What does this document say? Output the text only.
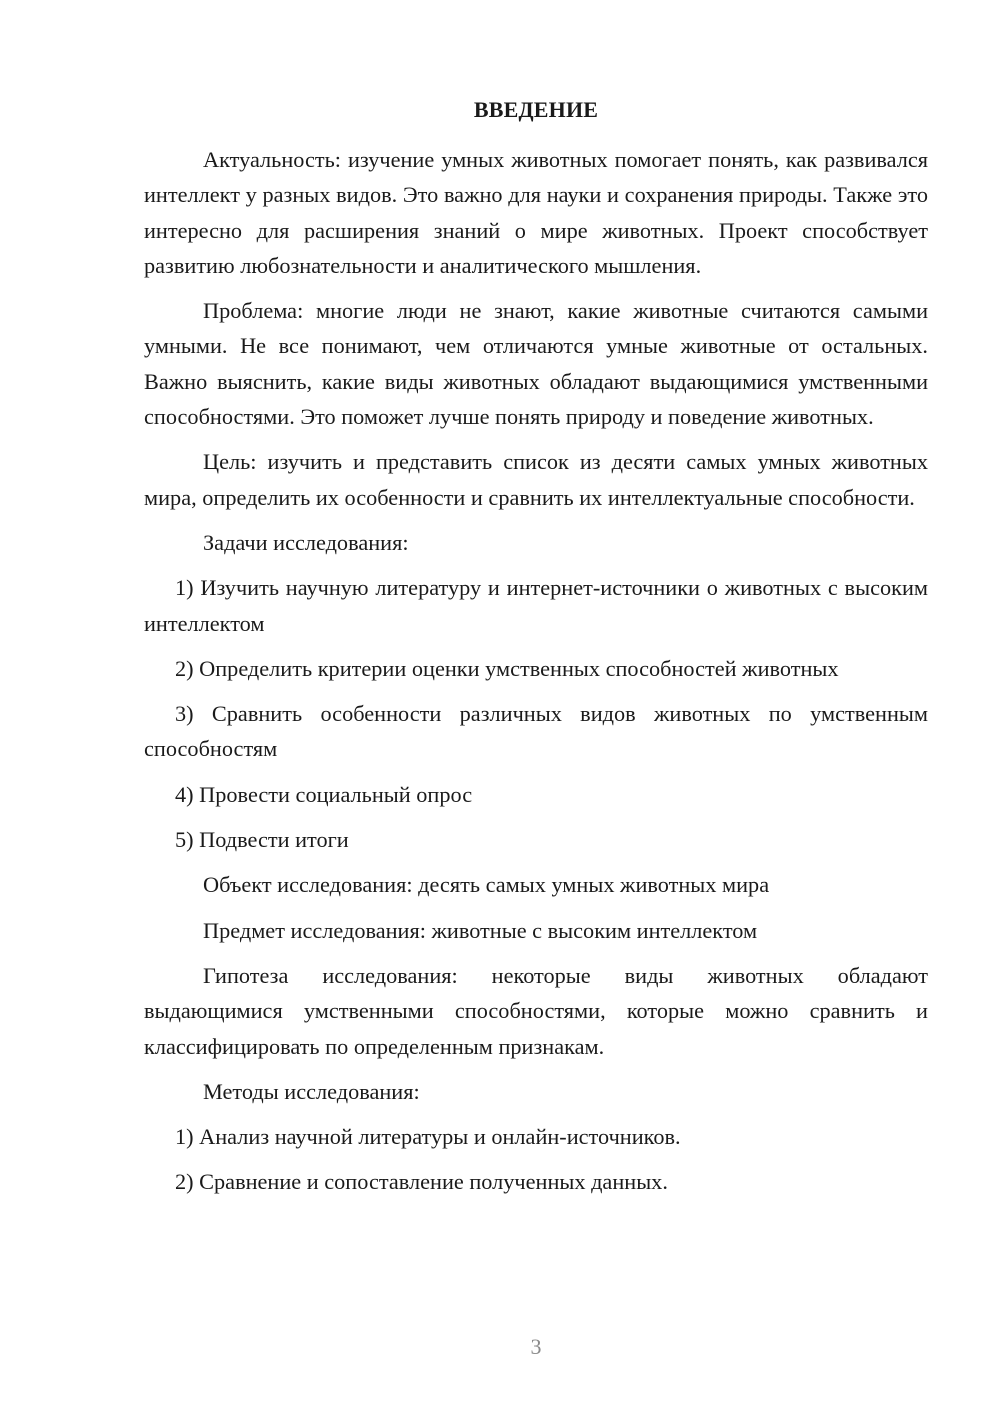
ВВЕДЕНИЕ

Актуальность: изучение умных животных помогает понять, как развивался интеллект у разных видов. Это важно для науки и сохранения природы. Также это интересно для расширения знаний о мире животных. Проект способствует развитию любознательности и аналитического мышления.

Проблема: многие люди не знают, какие животные считаются самыми умными. Не все понимают, чем отличаются умные животные от остальных. Важно выяснить, какие виды животных обладают выдающимися умственными способностями. Это поможет лучше понять природу и поведение животных.

Цель: изучить и представить список из десяти самых умных животных мира, определить их особенности и сравнить их интеллектуальные способности.

Задачи исследования:

1) Изучить научную литературу и интернет-источники о животных с высоким интеллектом

2) Определить критерии оценки умственных способностей животных

3) Сравнить особенности различных видов животных по умственным способностям

4) Провести социальный опрос

5) Подвести итоги

Объект исследования: десять самых умных животных мира

Предмет исследования: животные с высоким интеллектом

Гипотеза исследования: некоторые виды животных обладают выдающимися умственными способностями, которые можно сравнить и классифицировать по определенным признакам.

Методы исследования:

1) Анализ научной литературы и онлайн-источников.

2) Сравнение и сопоставление полученных данных.

3
